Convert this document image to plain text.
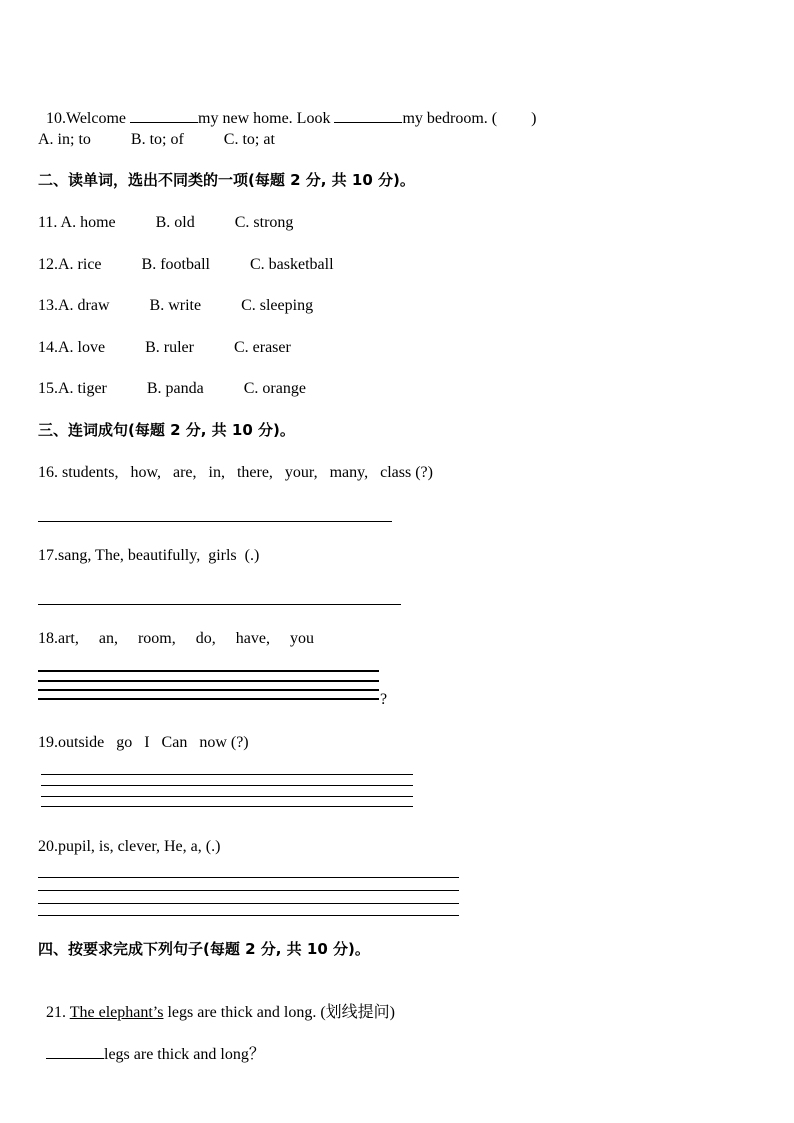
10.Welcome	my new home. Look	my bedroom. ( )

A. in; to          B. to; of          C. to; at
二、读单词，选出不同类的一项(每题 2 分, 共 10 分)。
11. A. home          B. old          C. strong
12.A. rice          B. football          C. basketball
13.A. draw          B. write          C. sleeping
14.A. love          B. ruler          C. eraser
15.A. tiger          B. panda          C. orange
三、连词成句(每题 2 分, 共 10 分)。
16. students,   how,   are,   in,   there,   your,   many,   class (?)
17.sang, The, beautifully,  girls  (.)
18.art,     an,     room,     do,     have,     you
?
19.outside   go   I   Can   now (?)
20.pupil, is, clever, He, a, (.)
四、按要求完成下列句子(每题 2 分, 共 10 分)。

21. The elephant’s legs are thick and long. (划线提问)

legs are thick and long？
